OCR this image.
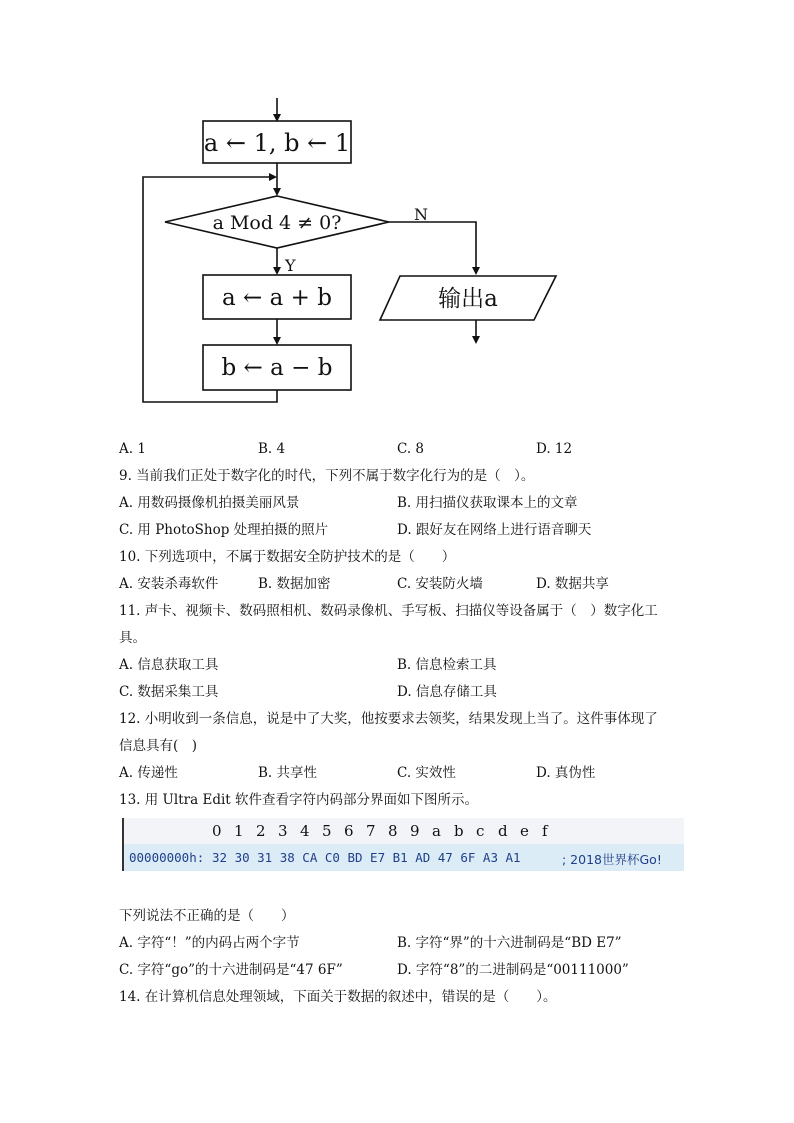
a ← 1, b ← 1
a Mod 4 ≠ 0?	N
Y
a ← a + b
b ← a − b
输出a
A. 1	B. 4	C. 8	D. 12
9. 当前我们正处于数字化的时代，下列不属于数字化行为的是（　）。
A. 用数码摄像机拍摄美丽风景	B. 用扫描仪获取课本上的文章
C. 用 PhotoShop 处理拍摄的照片	D. 跟好友在网络上进行语音聊天
10. 下列选项中，不属于数据安全防护技术的是（　　）
A. 安装杀毒软件	B. 数据加密	C. 安装防火墙	D. 数据共享
11. 声卡、视频卡、数码照相机、数码录像机、手写板、扫描仪等设备属于（　）数字化工
具。
A. 信息获取工具	B. 信息检索工具
C. 数据采集工具	D. 信息存储工具
12. 小明收到一条信息，说是中了大奖，他按要求去领奖，结果发现上当了。这件事体现了
信息具有(　)
A. 传递性	B. 共享性	C. 实效性	D. 真伪性
13. 用 Ultra Edit 软件查看字符内码部分界面如下图所示。
0 1 2 3 4 5 6 7 8 9 a b c d e f
00000000h: 32 30 31 38 CA C0 BD E7 B1 AD 47 6F A3 A1	; 2018世界杯Go!
下列说法不正确的是（　　）
A. 字符“！”的内码占两个字节	B. 字符“界”的十六进制码是“BD E7”
C. 字符“go”的十六进制码是“47 6F”	D. 字符“8”的二进制码是“00111000”
14. 在计算机信息处理领域，下面关于数据的叙述中，错误的是（　　）。
